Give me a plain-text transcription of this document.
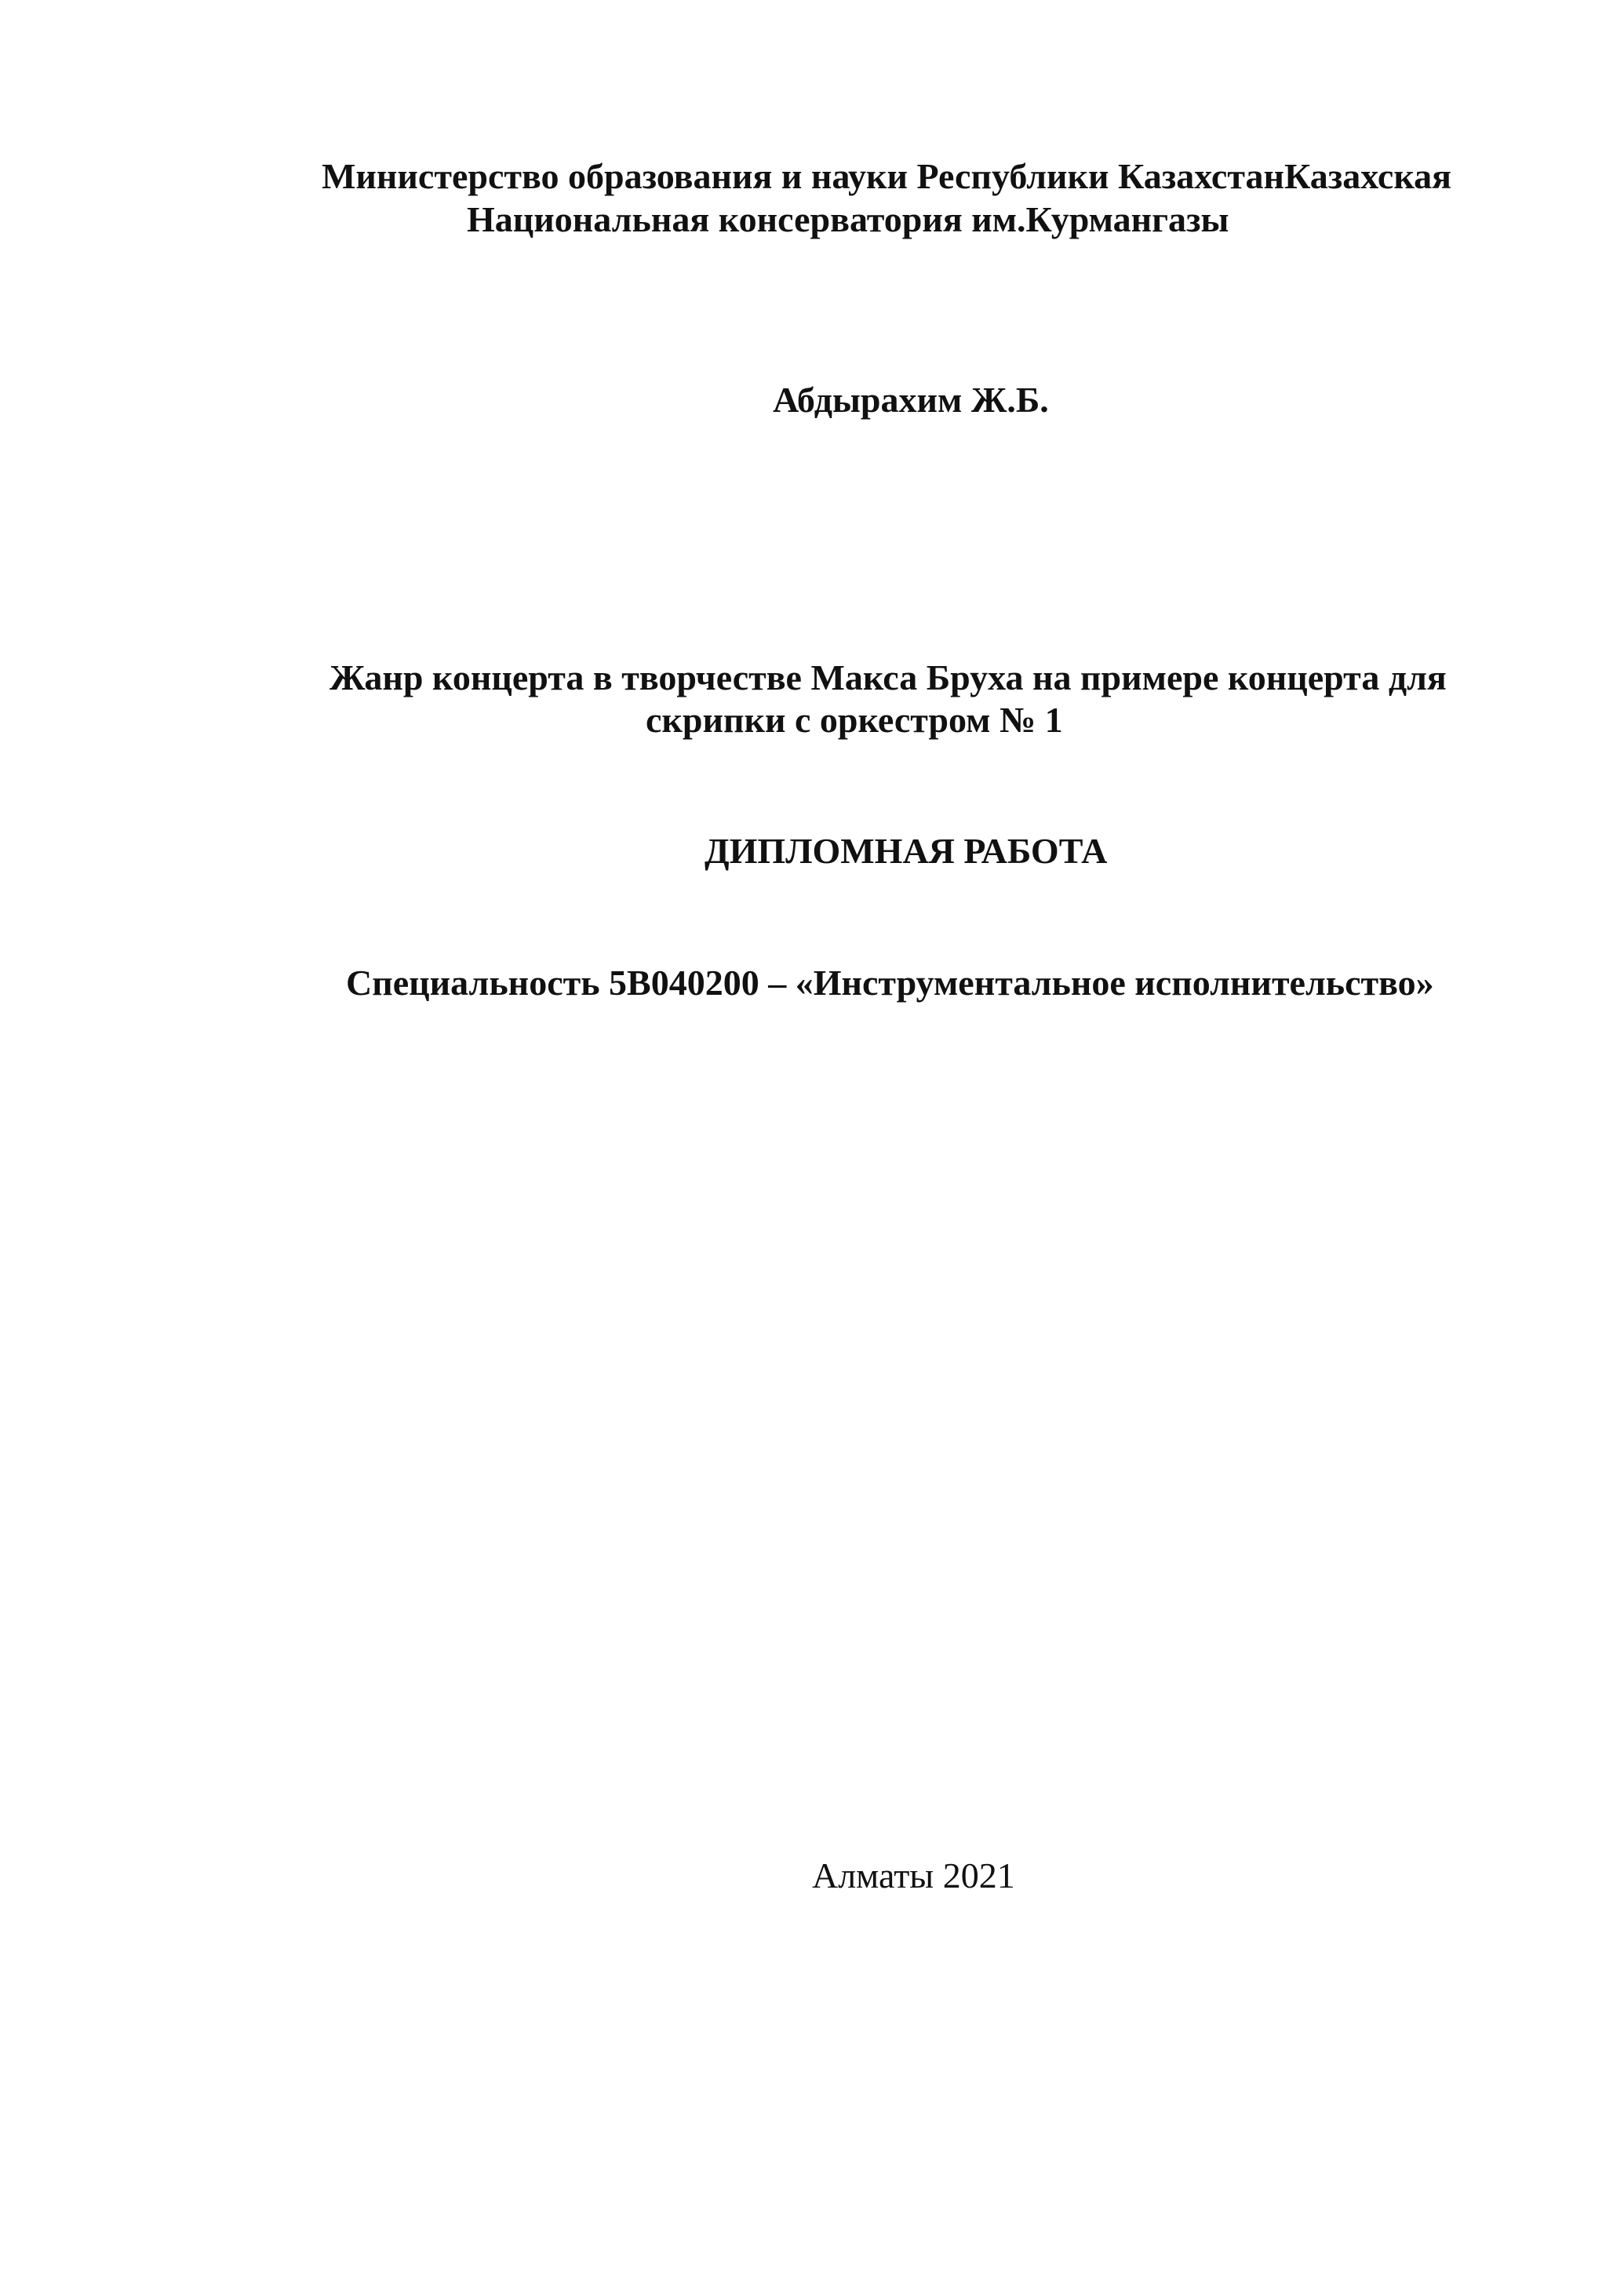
Министерство образования и науки Республики КазахстанКазахская
Национальная консерватория им.Курмангазы
Абдырахим Ж.Б.
Жанр концерта в творчестве Макса Бруха на примере концерта для
скрипки с оркестром № 1
ДИПЛОМНАЯ РАБОТА
Специальность 5В040200 – «Инструментальное исполнительство»
Алматы 2021
